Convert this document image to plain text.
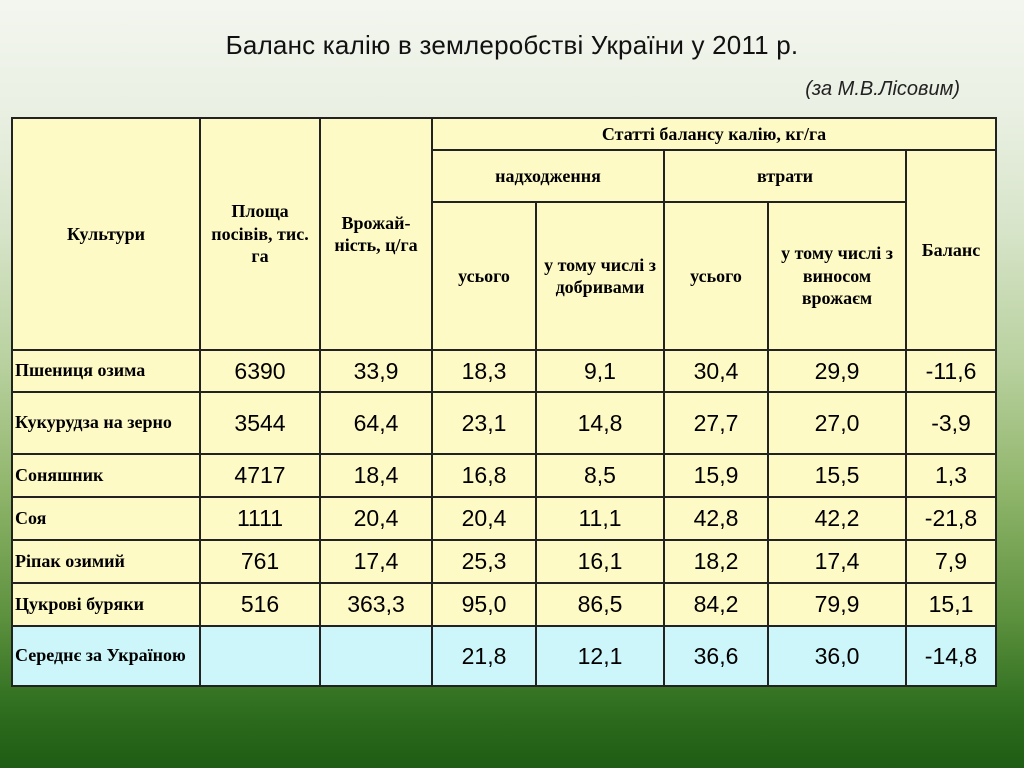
Баланс калію в землеробстві України у 2011 р.
(за М.В.Лісовим)
Культури	Площа посівів, тис. га	Врожай-ність, ц/га	Статті балансу калію, кг/га				
			надходження		втрати		Баланс
			усього	у тому числі з добривами	усього	у тому числі з виносом врожаєм	
Пшениця озима	6390	33,9	18,3	9,1	30,4	29,9	-11,6
Кукурудза на зерно	3544	64,4	23,1	14,8	27,7	27,0	-3,9
Соняшник	4717	18,4	16,8	8,5	15,9	15,5	1,3
Соя	1111	20,4	20,4	11,1	42,8	42,2	-21,8
Ріпак озимий	761	17,4	25,3	16,1	18,2	17,4	7,9
Цукрові буряки	516	363,3	95,0	86,5	84,2	79,9	15,1
Середнє за Україною			21,8	12,1	36,6	36,0	-14,8
